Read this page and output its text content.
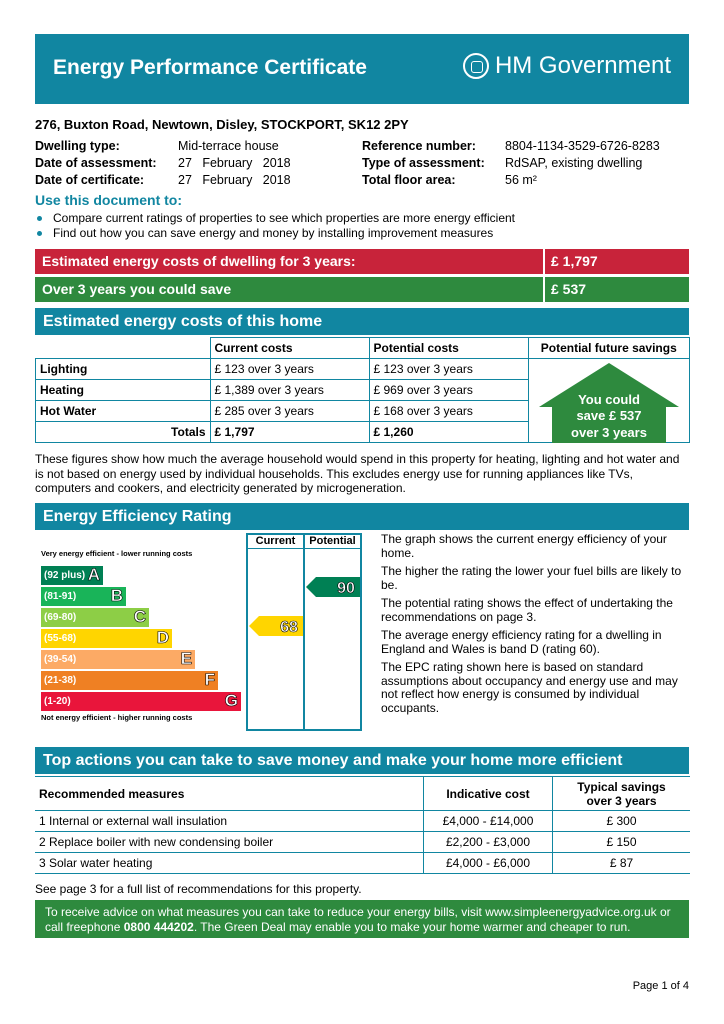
Energy Performance Certificate	HM Government
276, Buxton Road, Newtown, Disley, STOCKPORT, SK12 2PY
Dwelling type:	Mid-terrace house
Date of assessment:	27   February   2018
Date of certificate:	27   February   2018
Reference number:	8804-1134-3529-6726-8283
Type of assessment:	RdSAP, existing dwelling
Total floor area:	56 m²
Use this document to:
Compare current ratings of properties to see which properties are more energy efficient
Find out how you can save energy and money by installing improvement measures
Estimated energy costs of dwelling for 3 years:	£ 1,797
Over 3 years you could save	£ 537
Estimated energy costs of this home
	Current costs	Potential costs	Potential future savings
Lighting	£ 123 over 3 years	£ 123 over 3 years	You could
save £ 537
over 3 years

Heating	£ 1,389 over 3 years	£ 969 over 3 years	
Hot Water	£ 285 over 3 years	£ 168 over 3 years	
Totals	£ 1,797	£ 1,260	
These figures show how much the average household would spend in this property for heating, lighting and hot water and is not based on energy used by individual households. This excludes energy use for running appliances like TVs, computers and cookers, and electricity generated by microgeneration.
Energy Efficiency Rating
Current	Potential
Very energy efficient - lower running costs
Not energy efficient - higher running costs
(92 plus) A
(81-91) B
(69-80)	C
(55-68)	D
(39-54)	E
(21-38)	F
(1-20)	G
68
90

The graph shows the current energy efficiency of your home.

The higher the rating the lower your fuel bills are likely to be.

The potential rating shows the effect of undertaking the recommendations on page 3.

The average energy efficiency rating for a dwelling in England and Wales is band D (rating 60).

The EPC rating shown here is based on standard assumptions about occupancy and energy use and may not reflect how energy is consumed by individual occupants.

Top actions you can take to save money and make your home more efficient
Recommended measures	Indicative cost	Typical savings
over 3 years
1 Internal or external wall insulation	£4,000 - £14,000	£ 300
2 Replace boiler with new condensing boiler	£2,200 - £3,000	£ 150
3 Solar water heating	£4,000 - £6,000	£ 87
See page 3 for a full list of recommendations for this property.
To receive advice on what measures you can take to reduce your energy bills, visit www.simpleenergyadvice.org.uk or call freephone 0800 444202. The Green Deal may enable you to make your home warmer and cheaper to run.
Page 1 of 4
